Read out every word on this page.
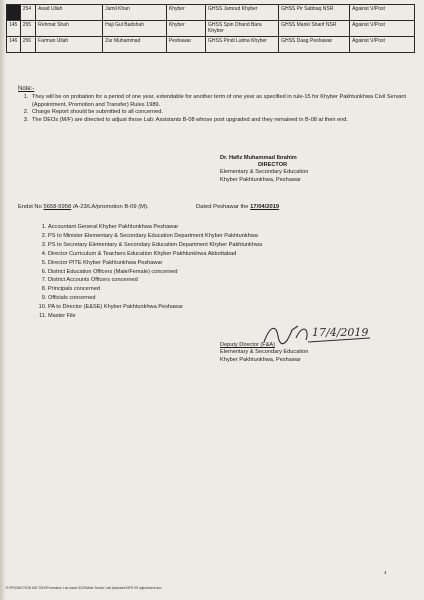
	254	Asad Ullah	Jamil Khan	Khyber	GHSS Jamrud Khyber	GHSS Pir Sabbaq NSR	Against V/Post
145	255	Rehmat Shah	Haji Gul Badshah	Khyber	GHSS Spin Dhand Bara Khyber	GHSS Manki Sharif NSR	Against V/Post
146	256	Farman Ullah	Zar Muhammad	Peshawar	GHSS Pindi Lalma Khyber	GHSS Daag Peshawar	Against V/Post
Note:-
1. They will be on probation for a period of one year, extendable for another term of one year as specified in rule-15 for Khyber Pakhtunkhwa Civil Servant (Appointment, Promotion and Transfer) Rules 1989.
2. Charge Report should be submitted to all concerned.
3. The DEOs (M/F) are directed to adjust those Lab: Assistants B-08 whose post upgraded and they remained in B-08 at their end.
Dr. Hafiz Muhammad Ibrahim
DIRECTOR
Elementary & Secondary Education
Khyber Pakhtunkhwa, Peshawar
Endst No 5658-5958 /A-23/LA/promotion B-09 (M).	Dated Peshawar the 17/04/2019
1. Accountant General Khyber Pakhtunkhwa Peshawar
2. PS to Minister Elementary & Secondary Education Department Khyber Pakhtunkhwa
3. PS to Secretary Elementary & Secondary Education Department Khyber Pakhtunkhwa
4. Director Curriculum & Teachers Education Khyber Pakhtunkhwa Abbottabad
5. Director PITE Khyber Pakhtunkhwa Peshawar
6. District Education Officers (Male/Female) concerned
7. District Accounts Officers concerned
8. Principals concerned
9. Officials concerned
10. PA to Director (E&SE) Khyber Pakhtunkhwa Peshawar
11. Master File
17/4/2019
Deputy Director (F&A)
Elementary & Secondary Education
Khyber Pakhtunkhwa, Peshawar
4
E:\PROMOTION MS 2019\Promotion Lab Asstt 2019\Male Senior Lab Assistant BPS 09 adjustment.doc
